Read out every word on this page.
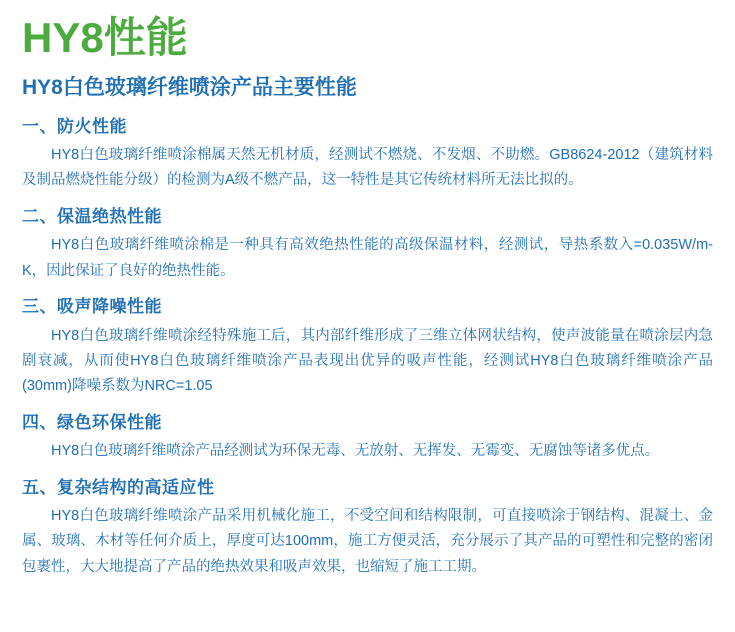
HY8性能
HY8白色玻璃纤维喷涂产品主要性能
一、防火性能

HY8白色玻璃纤维喷涂棉属天然无机材质，经测试不燃烧、不发烟、不助燃。GB8624-2012（建筑材料及制品燃烧性能分级）的检测为A级不燃产品，这一特性是其它传统材料所无法比拟的。

二、保温绝热性能

HY8白色玻璃纤维喷涂棉是一种具有高效绝热性能的高级保温材料，经测试，导热系数入=0.035W/m-K，因此保证了良好的绝热性能。

三、吸声降噪性能

HY8白色玻璃纤维喷涂经特殊施工后，其内部纤维形成了三维立体网状结构，使声波能量在喷涂层内急剧衰减，从而使HY8白色玻璃纤维喷涂产品表现出优异的吸声性能，经测试HY8白色玻璃纤维喷涂产品(30mm)降噪系数为NRC=1.05

四、绿色环保性能

HY8白色玻璃纤维喷涂产品经测试为环保无毒、无放射、无挥发、无霉变、无腐蚀等诸多优点。

五、复杂结构的高适应性

HY8白色玻璃纤维喷涂产品采用机械化施工，不受空间和结构限制，可直接喷涂于钢结构、混凝土、金属、玻璃、木材等任何介质上，厚度可达100mm，施工方便灵活，充分展示了其产品的可塑性和完整的密闭包裹性，大大地提高了产品的绝热效果和吸声效果，也缩短了施工工期。
